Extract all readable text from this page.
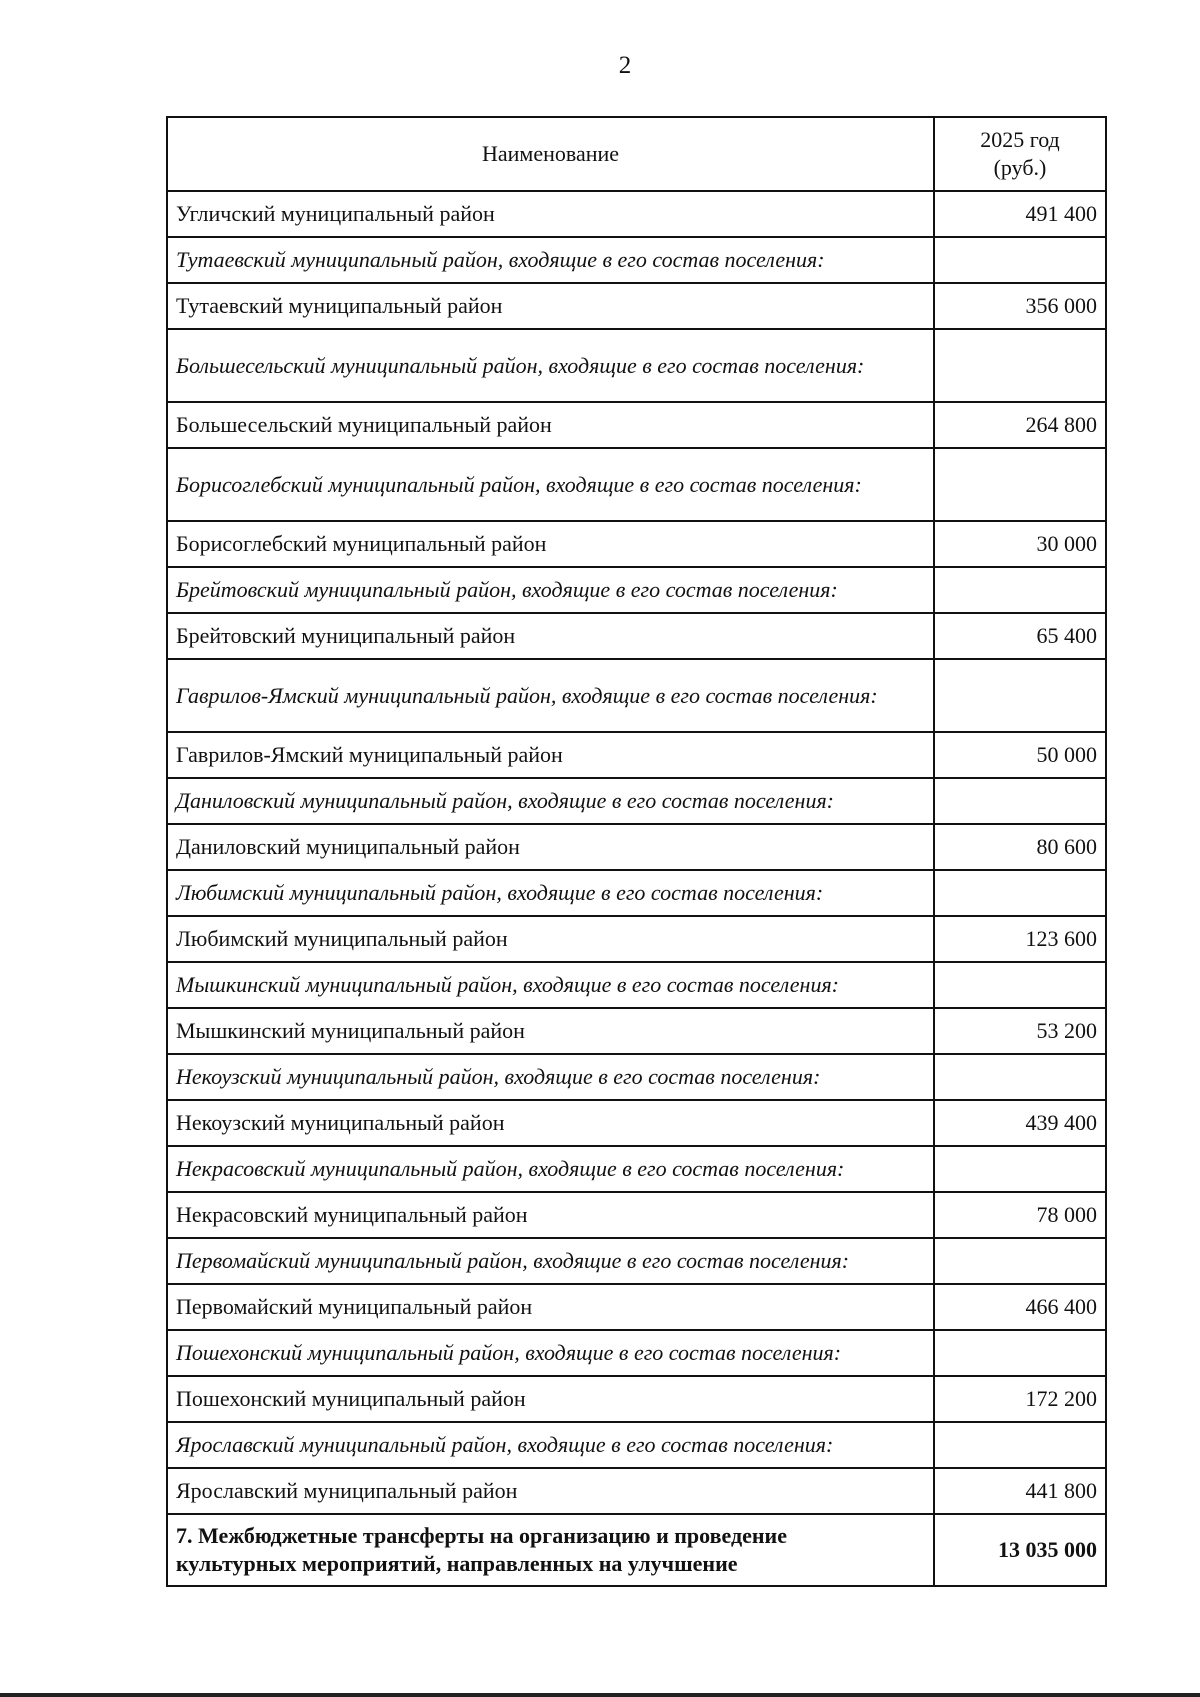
2
Наименование	2025 год
(руб.)

Угличский муниципальный район	491 400
Тутаевский муниципальный район, входящие в его состав поселения:	
Тутаевский муниципальный район	356 000
Большесельский муниципальный район, входящие в его состав поселения:	
Большесельский муниципальный район	264 800
Борисоглебский муниципальный район, входящие в его состав поселения:	
Борисоглебский муниципальный район	30 000
Брейтовский муниципальный район, входящие в его состав поселения:	
Брейтовский муниципальный район	65 400
Гаврилов-Ямский муниципальный район, входящие в его состав поселения:	
Гаврилов-Ямский муниципальный район	50 000
Даниловский муниципальный район, входящие в его состав поселения:	
Даниловский муниципальный район	80 600
Любимский муниципальный район, входящие в его состав поселения:	
Любимский муниципальный район	123 600
Мышкинский муниципальный район, входящие в его состав поселения:	
Мышкинский муниципальный район	53 200
Некоузский муниципальный район, входящие в его состав поселения:	
Некоузский муниципальный район	439 400
Некрасовский муниципальный район, входящие в его состав поселения:	
Некрасовский муниципальный район	78 000
Первомайский муниципальный район, входящие в его состав поселения:	
Первомайский муниципальный район	466 400
Пошехонский муниципальный район, входящие в его состав поселения:	
Пошехонский муниципальный район	172 200
Ярославский муниципальный район, входящие в его состав поселения:	
Ярославский муниципальный район	441 800

7. Межбюджетные трансферты на организацию и проведение
культурных мероприятий, направленных на улучшение	13 035 000
